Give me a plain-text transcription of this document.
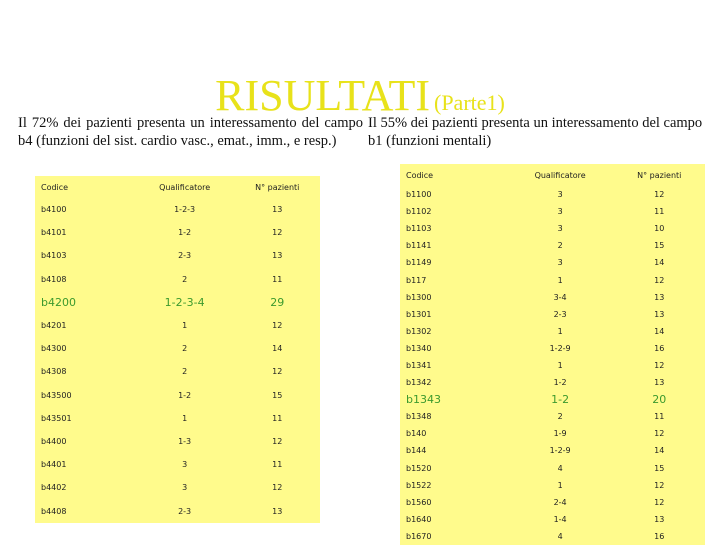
RISULTATI (Parte1)
Il 72% dei pazienti presenta un interessamento del campo b4 (funzioni del sist. cardio vasc., emat., imm., e resp.)
Il 55% dei pazienti presenta un interessamento del campo b1 (funzioni mentali)
Codice	Qualificatore	N° pazienti
b4100	1-2-3	13
b4101	1-2	12
b4103	2-3	13
b4108	2	11
b4200	1-2-3-4	29
b4201	1	12
b4300	2	14
b4308	2	12
b43500	1-2	15
b43501	1	11
b4400	1-3	12
b4401	3	11
b4402	3	12
b4408	2-3	13
Codice	Qualificatore	N° pazienti
b1100	3	12
b1102	3	11
b1103	3	10
b1141	2	15
b1149	3	14
b117	1	12
b1300	3-4	13
b1301	2-3	13
b1302	1	14
b1340	1-2-9	16
b1341	1	12
b1342	1-2	13
b1343	1-2	20
b1348	2	11
b140	1-9	12
b144	1-2-9	14
b1520	4	15
b1522	1	12
b1560	2-4	12
b1640	1-4	13
b1670	4	16
